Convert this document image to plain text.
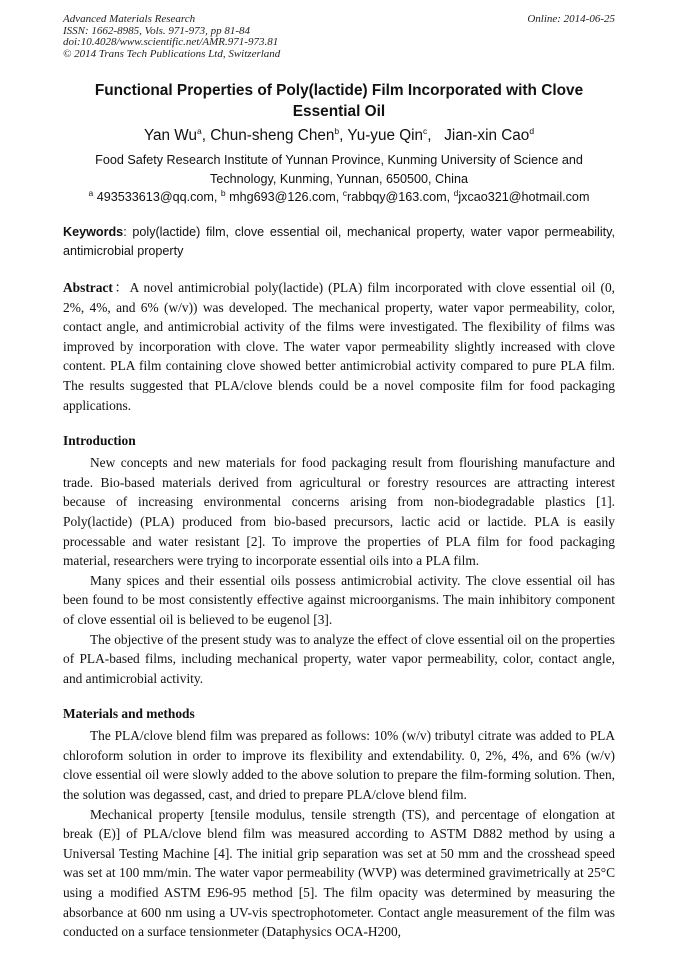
Advanced Materials Research
ISSN: 1662-8985, Vols. 971-973, pp 81-84
doi:10.4028/www.scientific.net/AMR.971-973.81
© 2014 Trans Tech Publications Ltd, Switzerland
Online: 2014-06-25
Functional Properties of Poly(lactide) Film Incorporated with Clove Essential Oil
Yan Wu$^a$, Chun-sheng Chen$^b$, Yu-yue Qin$^c$,   Jian-xin Cao$^d$
Food Safety Research Institute of Yunnan Province, Kunming University of Science and Technology, Kunming, Yunnan, 650500, China
$^a$ 493533613@qq.com, $^b$ mhg693@126.com, $^c$rabbqy@163.com, $^d$jxcao321@hotmail.com
Keywords: poly(lactide) film, clove essential oil, mechanical property, water vapor permeability, antimicrobial property
Abstract：A novel antimicrobial poly(lactide) (PLA) film incorporated with clove essential oil (0, 2%, 4%, and 6% (w/v)) was developed. The mechanical property, water vapor permeability, color, contact angle, and antimicrobial activity of the films were investigated. The flexibility of films was improved by incorporation with clove. The water vapor permeability slightly increased with clove content. PLA film containing clove showed better antimicrobial activity compared to pure PLA film. The results suggested that PLA/clove blends could be a novel composite film for food packaging applications.
Introduction

New concepts and new materials for food packaging result from flourishing manufacture and trade. Bio-based materials derived from agricultural or forestry resources are attracting interest because of increasing environmental concerns arising from non-biodegradable plastics [1]. Poly(lactide) (PLA) produced from bio-based precursors, lactic acid or lactide. PLA is easily processable and water resistant [2]. To improve the properties of PLA film for food packaging material, researchers were trying to incorporate essential oils into a PLA film.

Many spices and their essential oils possess antimicrobial activity. The clove essential oil has been found to be most consistently effective against microorganisms. The main inhibitory component of clove essential oil is believed to be eugenol [3].

The objective of the present study was to analyze the effect of clove essential oil on the properties of PLA-based films, including mechanical property, water vapor permeability, color, contact angle, and antimicrobial activity.

Materials and methods

The PLA/clove blend film was prepared as follows: 10% (w/v) tributyl citrate was added to PLA chloroform solution in order to improve its flexibility and extendability. 0, 2%, 4%, and 6% (w/v) clove essential oil were slowly added to the above solution to prepare the film-forming solution. Then, the solution was degassed, cast, and dried to prepare PLA/clove blend film.

Mechanical property [tensile modulus, tensile strength (TS), and percentage of elongation at break (E)] of PLA/clove blend film was measured according to ASTM D882 method by using a Universal Testing Machine [4]. The initial grip separation was set at 50 mm and the crosshead speed was set at 100 mm/min. The water vapor permeability (WVP) was determined gravimetrically at 25°C using a modified ASTM E96-95 method [5]. The film opacity was determined by measuring the absorbance at 600 nm using a UV-vis spectrophotometer. Contact angle measurement of the film was conducted on a surface tensionmeter (Dataphysics OCA-H200,
